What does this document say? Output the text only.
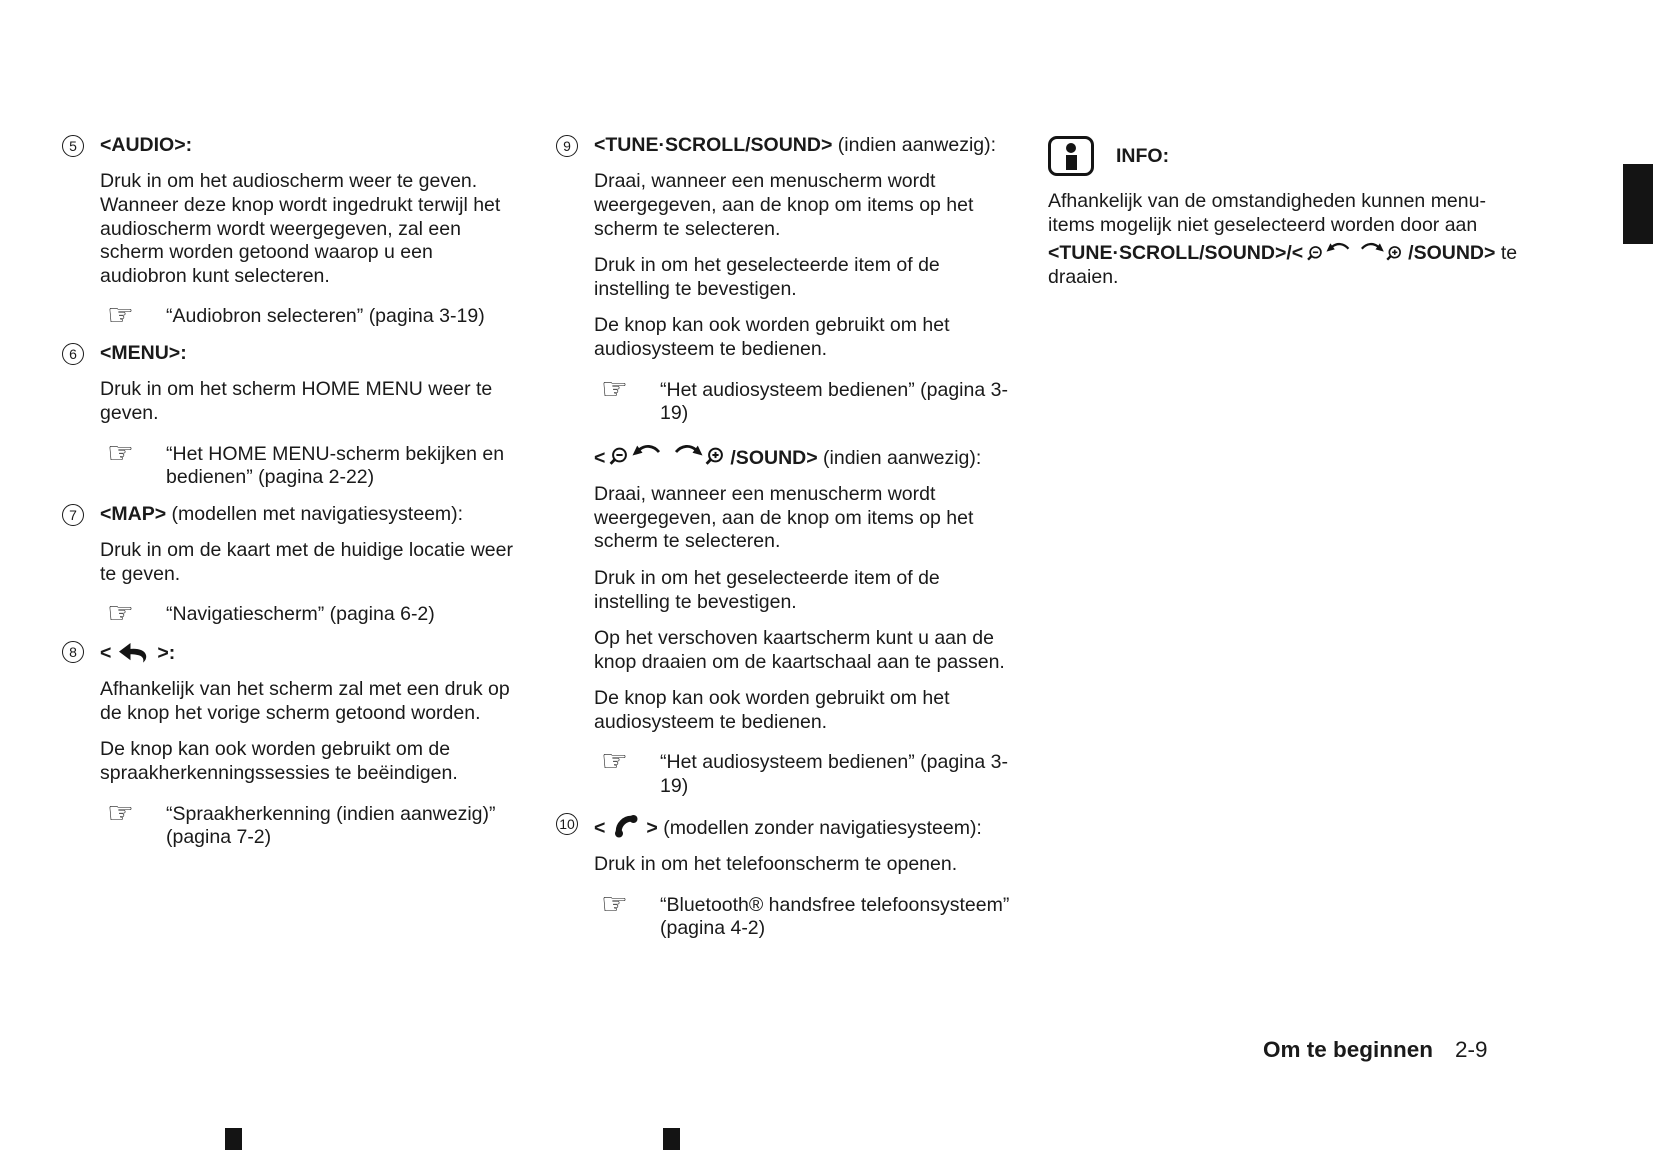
5	<AUDIO>:

Druk in om het audioscherm weer te geven. Wanneer deze knop wordt ingedrukt terwijl het audioscherm wordt weergegeven, zal een scherm worden getoond waarop u een audiobron kunt selecteren.

☞	“Audiobron selecteren” (pagina 3-19)
6	<MENU>:

Druk in om het scherm HOME MENU weer te geven.

☞	“Het HOME MENU-scherm bekijken en bedienen” (pagina 2-22)
7	<MAP> (modellen met navigatiesysteem):

Druk in om de kaart met de huidige locatie weer te geven.

☞	“Navigatiescherm” (pagina 6-2)
8	< >:

Afhankelijk van het scherm zal met een druk op de knop het vorige scherm getoond worden.

De knop kan ook worden gebruikt om de spraakherkenningssessies te beëindigen.

☞	“Spraakherkenning (indien aanwezig)” (pagina 7-2)
9	<TUNE·SCROLL/SOUND> (indien aanwezig):

Draai, wanneer een menuscherm wordt weergegeven, aan de knop om items op het scherm te selecteren.

Druk in om het geselecteerde item of de instelling te bevestigen.

De knop kan ook worden gebruikt om het audiosysteem te bedienen.

☞	“Het audiosysteem bedienen” (pagina 3-19)
<	/SOUND> (indien aanwezig):

Draai, wanneer een menuscherm wordt weergegeven, aan de knop om items op het scherm te selecteren.

Druk in om het geselecteerde item of de instelling te bevestigen.

Op het verschoven kaartscherm kunt u aan de knop draaien om de kaartschaal aan te passen.

De knop kan ook worden gebruikt om het audiosysteem te bedienen.

☞	“Het audiosysteem bedienen” (pagina 3-19)
10 < > (modellen zonder navigatiesysteem):

Druk in om het telefoonscherm te openen.

☞	“Bluetooth® handsfree telefoonsysteem” (pagina 4-2)
INFO:

Afhankelijk van de omstandigheden kunnen menu-items mogelijk niet geselecteerd worden door aan <TUNE·SCROLL/SOUND>/<	/SOUND> te draaien.

Om te beginnen 2-9
